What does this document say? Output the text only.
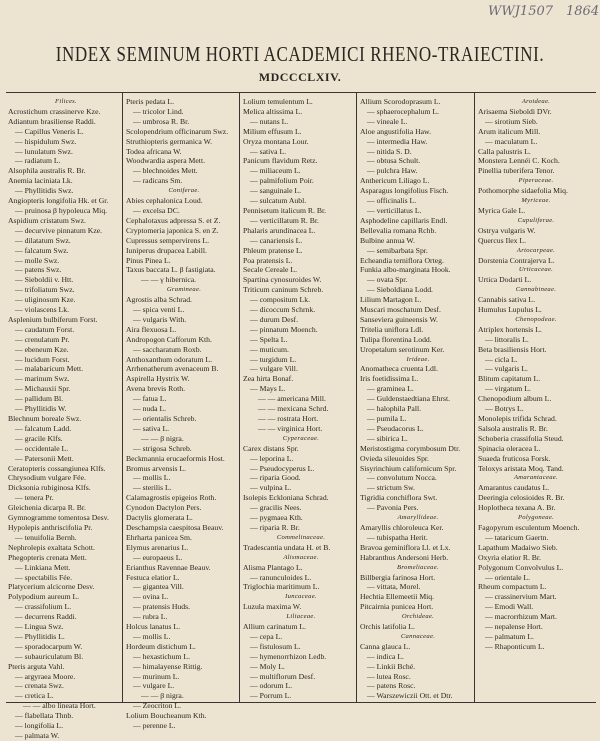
WWJ1507 1864
INDEX SEMINUM HORTI ACADEMICI RHENO-TRAIECTINI.
MDCCCLXIV.
Filices.
Acrostichum crassinerve Kze.
Adiantum brasiliense Raddi.
— Capillus Veneris L.
— hispidulum Swz.
— lunulatum Swz.
— radiatum L.
Alsophila australis R. Br.
Anemia laciniata Lk.
— Phyllitidis Swz.
Angiopteris longifolia Hk. et Gr.
— pruinosa β hypoleuca Miq.
Aspidium cristatum Swz.
— decurvive pinnatum Kze.
— dilatatum Swz.
— falcatum Swz.
— molle Swz.
— patens Swz.
— Sieboldii v. Htt.
— trifoliatum Swz.
— uliginosum Kze.
— violascens Lk.
Asplenium bulbiferum Forst.
— caudatum Forst.
— crenulatum Pr.
— ebeneum Kze.
— lucidum Forst.
— malabaricum Mett.
— marinum Swz.
— Michauxii Spr.
— pallidum Bl.
— Phyllitidis W.
Blechnum boreale Swz.
— falcatum Ladd.
— gracile Klfs.
— occidentale L.
— Patersonii Mett.
Ceratopteris cossangiunea Klfs.
Chrysodium vulgare Fée.
Dicksonia rubiginosa Klfs.
— tenera Pr.
Gleichenia dicarpa R. Br.
Gymnogramme tomentosa Desv.
Hypolepis anthriscifolia Pr.
— tenuifolia Bernh.
Nephrolepis exaltata Schott.
Phegopteris crenata Mett.
— Linkiana Mett.
— spectabilis Fée.
Platycerium alcicorne Desv.
Polypodium aureum L.
— crassifolium L.
— decurrens Raddi.
— Lingua Swz.
— Phyllitidis L.
— sporadocarpum W.
— subauriculatum Bl.
Pteris arguta Vahl.
— argyraea Moore.
— crenata Swz.
— cretica L.
— — albo lineata Hort.
— flabellata Thnb.
— longifolia L.
— palmata W.
Pteris pedata L.
— tricolor Lind.
— umbrosa R. Br.
Scolopendrium officinarum Swz.
Struthiopteris germanica W.
Todea africana W.
Woodwardia aspera Mett.
— blechnoides Mett.
— radicans Sm.
Coniferae.
Abies cephalonica Loud.
— excelsa DC.
Cephalotaxus adpressa S. et Z.
Cryptomeria japonica S. en Z.
Cupressus sempervirens L.
Iuniperus drupacea Labill.
Pinus Pinea L.
Taxus baccata L. β fastigiata.
— — γ hibernica.
Gramineae.
Agrostis alba Schrad.
— spica venti L.
— vulgaris With.
Aira flexuosa L.
Andropogon Cafforum Kth.
— saccharatum Roxb.
Anthoxanthum odoratum L.
Arrhenatherum avenaceum B.
Aspirella Hystrix W.
Avena brevis Roth.
— fatua L.
— nuda L.
— orientalis Schreb.
— sativa L.
— — β nigra.
— strigosa Schreb.
Beckmannia erucaeformis Host.
Bromus arvensis L.
— mollis L.
— sterilis L.
Calamagrostis epigeios Roth.
Cynodon Dactylon Pers.
Dactylis glomerata L.
Deschampsia caespitosa Beauv.
Ehrharta panicea Sm.
Elymus arenarius L.
— europaeus L.
Erianthus Ravennae Beauv.
Festuca elatior L.
— gigantea Vill.
— ovina L.
— pratensis Huds.
— rubra L.
Holcus lanatus L.
— mollis L.
Hordeum distichum L.
— hexastichum L.
— himalayense Rittig.
— murinum L.
— vulgare L.
— — β nigra.
— Zeocriton L.
Lolium Boucheanum Kth.
— perenne L.
Lolium temulentum L.
Melica altissima L.
— nutans L.
Milium effusum L.
Oryza montana Lour.
— sativa L.
Panicum flavidum Retz.
— miliaceum L.
— palmifolium Poir.
— sanguinale L.
— sulcatum Aubl.
Pennisetum italicum R. Br.
— verticillatum R. Br.
Phalaris arundinacea L.
— canariensis L.
Phleum pratense L.
Poa pratensis L.
Secale Cereale L.
Spartina cynosuroides W.
Triticum caninum Schreb.
— compositum Lk.
— dicoccum Schrnk.
— durum Desf.
— pinnatum Moench.
— Spelta L.
— muticum.
— turgidum L.
— vulgare Vill.
Zea hirta Bonaf.
— Mays L.
— — americana Mill.
— — mexicana Schrd.
— — rostrata Hort.
— — virginica Hort.
Cyperaceae.
Carex distans Spr.
— leporina L.
— Pseudocyperus L.
— riparia Good.
— vulpina L.
Isolepis Eckloniana Schrad.
— gracilis Nees.
— pygmaea Kth.
— riparia R. Br.
Commelinaceae.
Tradescantia undata H. et B.
Alismaceae.
Alisma Plantago L.
— ranunculoides L.
Triglochia maritimum L.
Iuncaceae.
Luzula maxima W.
Liliaceae.
Allium carinatum L.
— cepa L.
— fistulosum L.
— hymenorrhizon Ledb.
— Moly L.
— multiflorum Desf.
— odorum L.
— Porrum L.
Allium Scorodoprasum L.
— sphaerocephalum L.
— vineale L.
Aloe angustifolia Haw.
— intermedia Haw.
— nitida S. D.
— obtusa Schult.
— pulchra Haw.
Anthericum Liliago L.
Asparagus longifolius Fisch.
— officinalis L.
— verticillatus L.
Asphodeline capillaris Endl.
Bellevalia romana Rchb.
Bulbine annua W.
— semibarbata Spr.
Echeandia terniflora Orteg.
Funkia albo-marginata Hook.
— ovata Spr.
— Sieboldiana Lodd.
Lilium Martagon L.
Muscari moschatum Desf.
Sanseviera guineensis W.
Tritelia uniflora Ldl.
Tulipa florentina Lodd.
Uropetalum serotinum Ker.
Irideae.
Anomatheca cruenta Ldl.
Iris foetidissima L.
— graminea L.
— Guldenstaedtiana Ehrst.
— halophila Pall.
— pumila L.
— Pseudacorus L.
— sibirica L.
Meristostigma corymbosum Dtr.
Ovieda sileuoides Spr.
Sisyrinchium californicum Spr.
— convolutum Nocca.
— strictum Sw.
Tigridia conchiflora Swt.
— Pavonia Pers.
Amaryllideae.
Amaryllis chloroleuca Ker.
— tubispatha Herit.
Bravoa geminiflora Ll. et Lx.
Habranthus Andersoni Herb.
Bromeliaceae.
Billbergia farinosa Hort.
— vittata, Morel.
Hechtia Ellemeetii Miq.
Pitcairnia punicea Hort.
Orchideae.
Orchis latifolia L.
Cannaceae.
Canna glauca L.
— indica L.
— Linkii Bché.
— lutea Rosc.
— patens Rosc.
— Warszewiczii Ott. et Dtr.
Aroideae.
Arisaema Sieboldi DVr.
— sirotium Sieb.
Arum italicum Mill.
— maculatum L.
Calla palustris L.
Monstera Lennéi C. Koch.
Pinellia tuberifera Tenor.
Piperaceae.
Pothomorphe sidaefolia Miq.
Myriceae.
Myrica Gale L.
Cupuliferae.
Ostrya vulgaris W.
Quercus Ilex L.
Artocarpeae.
Dorstenia Contrajerva L.
Urticaceae.
Urtica Dodarti L.
Cannabineae.
Cannabis sativa L.
Humulus Lupulus L.
Chenopodeae.
Atriplex hortensis L.
— littoralis L.
Beta brasiliensis Hort.
— cicla L.
— vulgaris L.
Blitum capitatum L.
— virgatum L.
Chenopodium album L.
— Botrys L.
Monolepis trifida Schrad.
Salsola australis R. Br.
Schoberia crassifolia Steud.
Spinacia oleracea L.
Suaeda fruticosa Forsk.
Teloxys aristata Moq. Tand.
Amarantaceae.
Amarantus caudatus L.
Deeringia celosioides R. Br.
Hoplotheca texana A. Br.
Polygoneae.
Fagopyrum esculentum Moench.
— tataricum Gaertn.
Lapathum Madaiwo Sieb.
Oxyria elatior R. Br.
Polygonum Convolvulus L.
— orientale L.
Rheum compactum L.
— crassinervium Mart.
— Emodi Wall.
— macrorrhizum Mart.
— nepalense Hort.
— palmatum L.
— Rhaponticum L.
